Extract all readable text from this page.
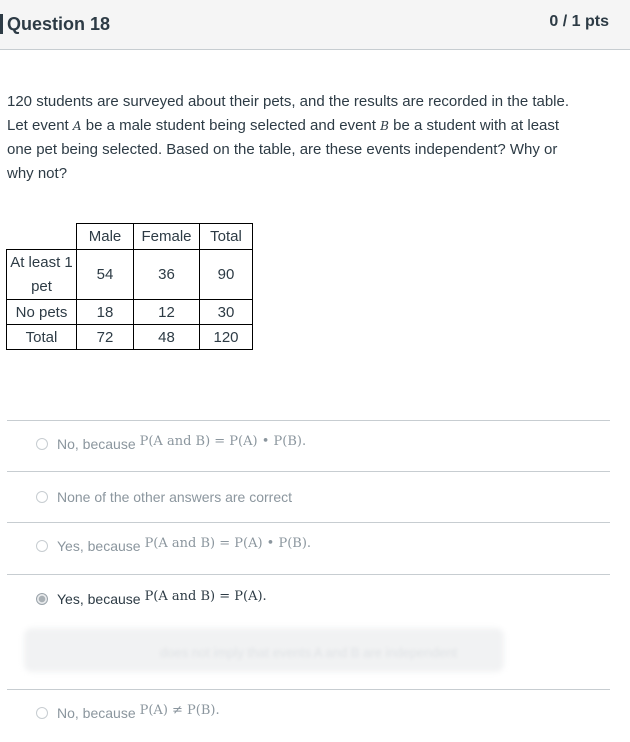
Question 18	0 / 1 pts
120 students are surveyed about their pets, and the results are recorded in the table.
Let event A be a male student being selected and event B be a student with at least
one pet being selected. Based on the table, are these events independent? Why or
why not?
	Male	Female	Total
At least 1 pet	54	36	90
No pets	18	12	30
Total	72	48	120
No, because P(A and B) = P(A) • P(B).
None of the other answers are correct
Yes, because P(A and B) = P(A) • P(B).
Yes, because P(A and B) = P(A).
does not imply that events A and B are independent
No, because P(A) ≠ P(B).
